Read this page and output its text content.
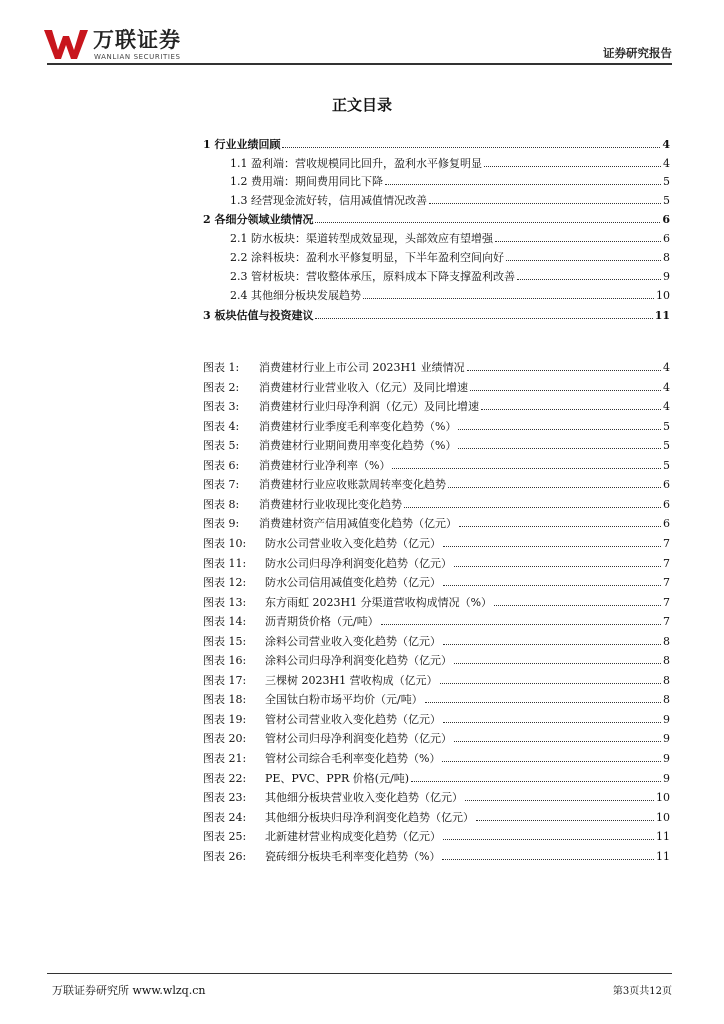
万联证券
WANLIAN SECURITIES	证券研究报告
正文目录
1 行业业绩回顾	4
1.1 盈利端：营收规模同比回升，盈利水平修复明显	4
1.2 费用端：期间费用同比下降	5
1.3 经营现金流好转，信用减值情况改善	5
2 各细分领域业绩情况	6
2.1 防水板块：渠道转型成效显现，头部效应有望增强	6
2.2 涂料板块：盈利水平修复明显，下半年盈利空间向好	8
2.3 管材板块：营收整体承压，原料成本下降支撑盈利改善	9
2.4 其他细分板块发展趋势	10
3 板块估值与投资建议	11
图表 1:	消费建材行业上市公司 2023H1 业绩情况	4
图表 2:	消费建材行业营业收入（亿元）及同比增速	4
图表 3:	消费建材行业归母净利润（亿元）及同比增速	4
图表 4:	消费建材行业季度毛利率变化趋势（%）	5
图表 5:	消费建材行业期间费用率变化趋势（%）	5
图表 6:	消费建材行业净利率（%）	5
图表 7:	消费建材行业应收账款周转率变化趋势	6
图表 8:	消费建材行业收现比变化趋势	6
图表 9:	消费建材资产信用减值变化趋势（亿元）	6
图表 10:	防水公司营业收入变化趋势（亿元）	7
图表 11:	防水公司归母净利润变化趋势（亿元）	7
图表 12:	防水公司信用减值变化趋势（亿元）	7
图表 13:	东方雨虹 2023H1 分渠道营收构成情况（%）	7
图表 14:	沥青期货价格（元/吨）	7
图表 15:	涂料公司营业收入变化趋势（亿元）	8
图表 16:	涂料公司归母净利润变化趋势（亿元）	8
图表 17:	三棵树 2023H1 营收构成（亿元）	8
图表 18:	全国钛白粉市场平均价（元/吨）	8
图表 19:	管材公司营业收入变化趋势（亿元）	9
图表 20:	管材公司归母净利润变化趋势（亿元）	9
图表 21:	管材公司综合毛利率变化趋势（%）	9
图表 22:	PE、PVC、PPR 价格(元/吨)	9
图表 23:	其他细分板块营业收入变化趋势（亿元）	10
图表 24:	其他细分板块归母净利润变化趋势（亿元）	10
图表 25:	北新建材营业构成变化趋势（亿元）	11
图表 26:	瓷砖细分板块毛利率变化趋势（%）	11
万联证券研究所 www.wlzq.cn	第3页共12页
